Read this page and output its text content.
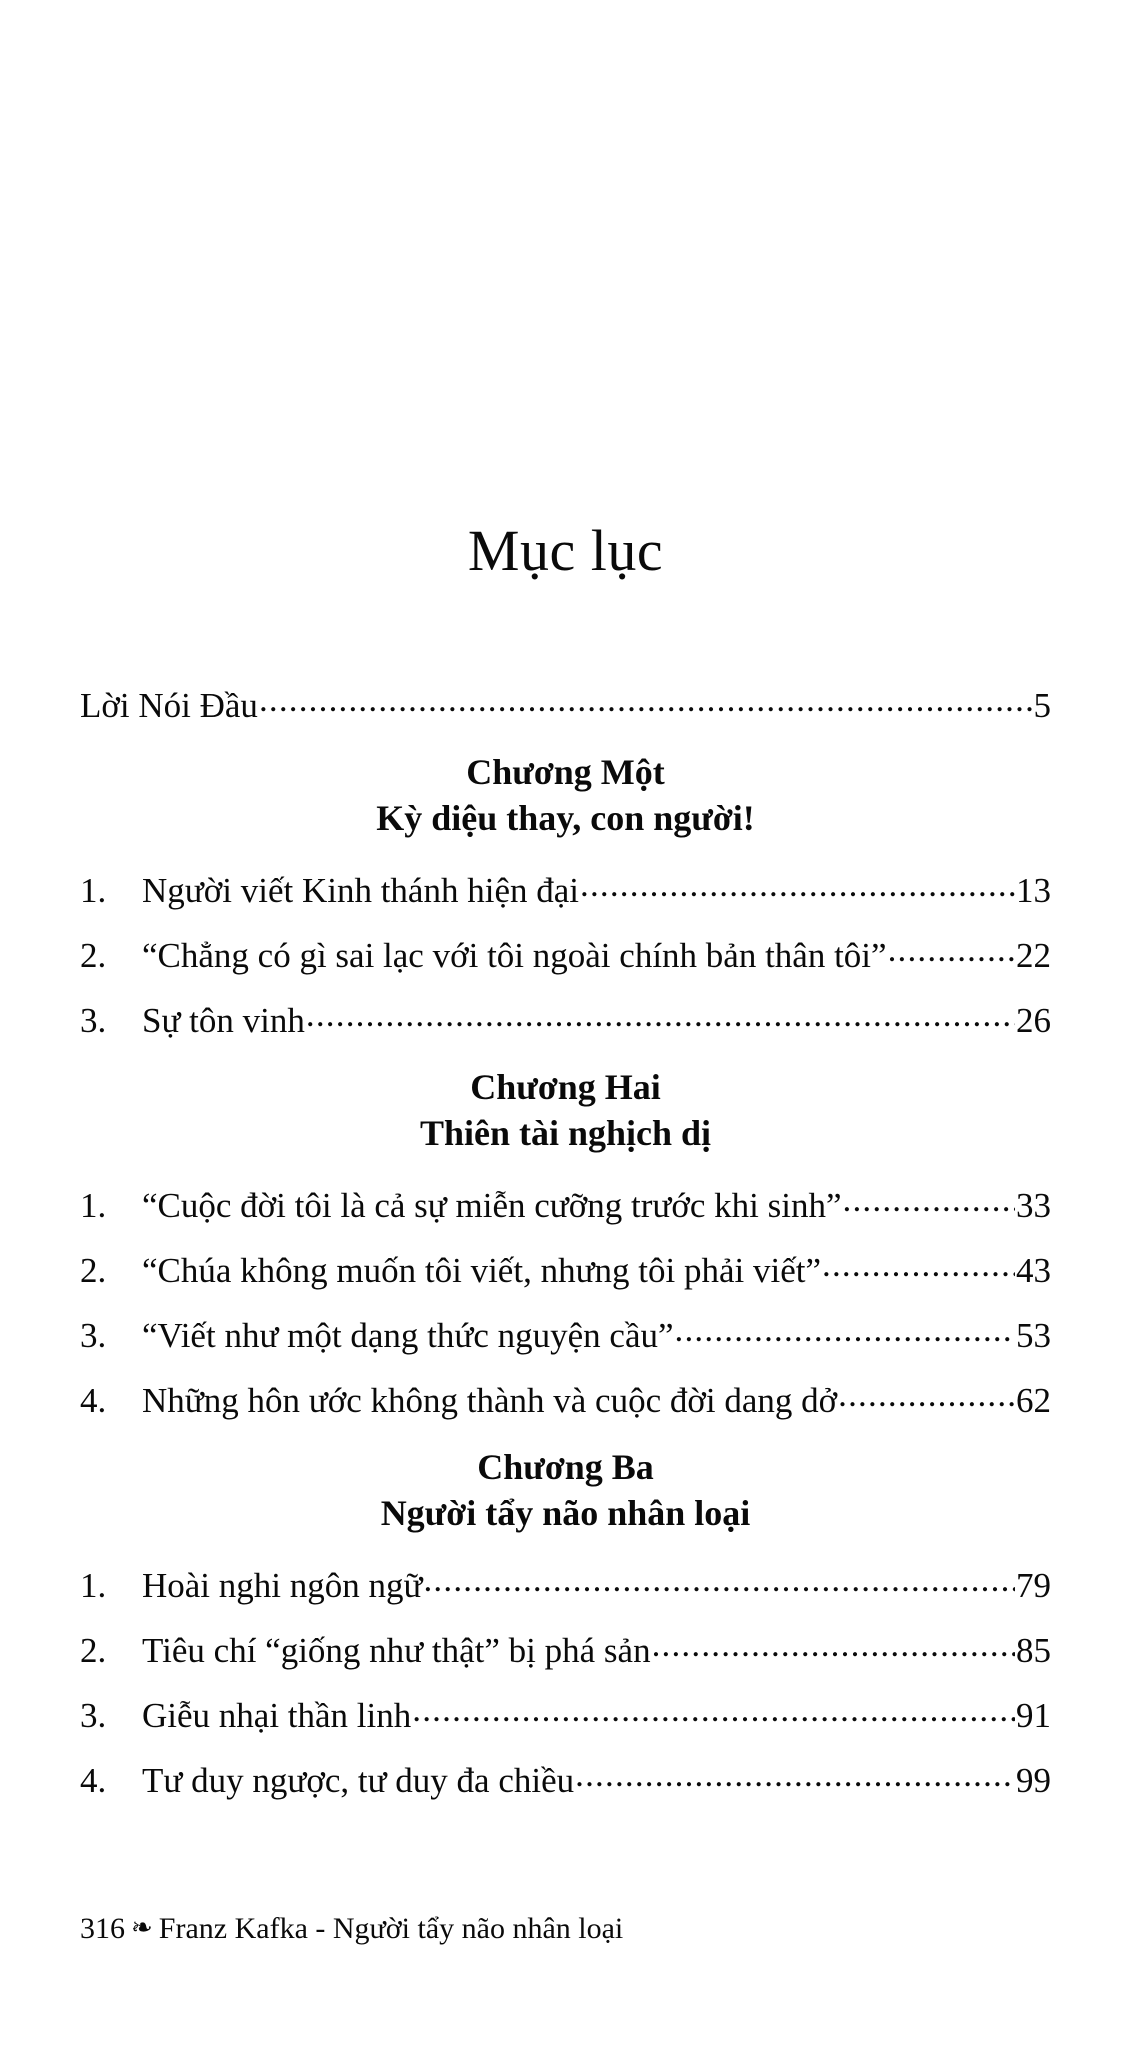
Mục lục
Lời Nói Đầu .....	5
Chương Một
Kỳ diệu thay, con người!
1.	Người viết Kinh thánh hiện đại .....	13
2.	“Chẳng có gì sai lạc với tôi ngoài chính bản thân tôi” .....	22
3.	Sự tôn vinh .....	26
Chương Hai
Thiên tài nghịch dị
1.	“Cuộc đời tôi là cả sự miễn cưỡng trước khi sinh” .....	33
2.	“Chúa không muốn tôi viết, nhưng tôi phải viết” .....	43
3.	“Viết như một dạng thức nguyện cầu” .....	53
4.	Những hôn ước không thành và cuộc đời dang dở .....	62
Chương Ba
Người tẩy não nhân loại
1.	Hoài nghi ngôn ngữ .....	79
2.	Tiêu chí “giống như thật” bị phá sản .....	85
3.	Giễu nhại thần linh .....	91
4.	Tư duy ngược, tư duy đa chiều .....	99
316 ❧ Franz Kafka - Người tẩy não nhân loại
